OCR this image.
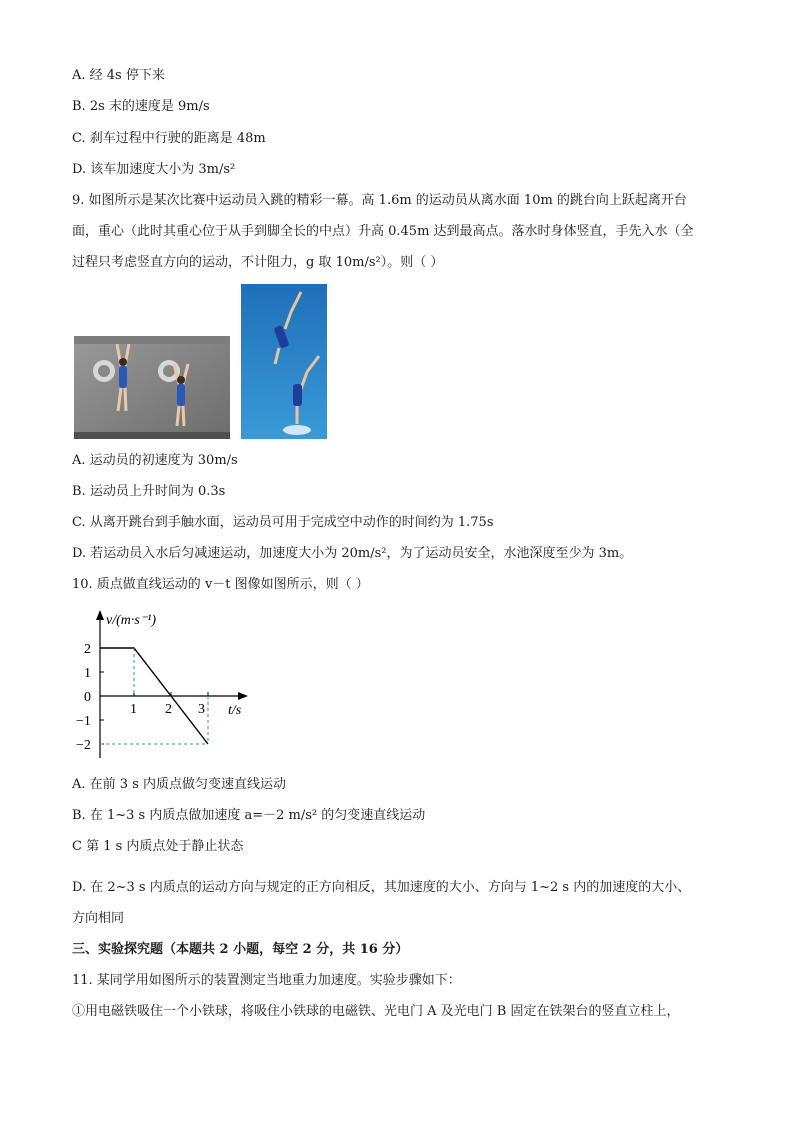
A. 经 4s 停下来
B. 2s 末的速度是 9m/s
C. 刹车过程中行驶的距离是 48m
D. 该车加速度大小为 3m/s²
9. 如图所示是某次比赛中运动员入跳的精彩一幕。高 1.6m 的运动员从离水面 10m 的跳台向上跃起离开台
面，重心（此时其重心位于从手到脚全长的中点）升高 0.45m 达到最高点。落水时身体竖直，手先入水（全
过程只考虑竖直方向的运动，不计阻力，g 取 10m/s²）。则（ ）
A. 运动员的初速度为 30m/s
B. 运动员上升时间为 0.3s
C. 从离开跳台到手触水面，运动员可用于完成空中动作的时间约为 1.75s
D. 若运动员入水后匀减速运动，加速度大小为 20m/s²，为了运动员安全，水池深度至少为 3m。
10. 质点做直线运动的 v－t 图像如图所示，则（ ）
v/(m·s⁻¹)
t/s
2
1
0
−1
−2
1 2 3
A. 在前 3 s 内质点做匀变速直线运动
B. 在 1~3 s 内质点做加速度 a=－2 m/s² 的匀变速直线运动
C 第 1 s 内质点处于静止状态
D. 在 2~3 s 内质点的运动方向与规定的正方向相反，其加速度的大小、方向与 1~2 s 内的加速度的大小、
方向相同
三、实验探究题（本题共 2 小题，每空 2 分，共 16 分）
11. 某同学用如图所示的装置测定当地重力加速度。实验步骤如下：
①用电磁铁吸住一个小铁球，将吸住小铁球的电磁铁、光电门 A 及光电门 B 固定在铁架台的竖直立柱上，
